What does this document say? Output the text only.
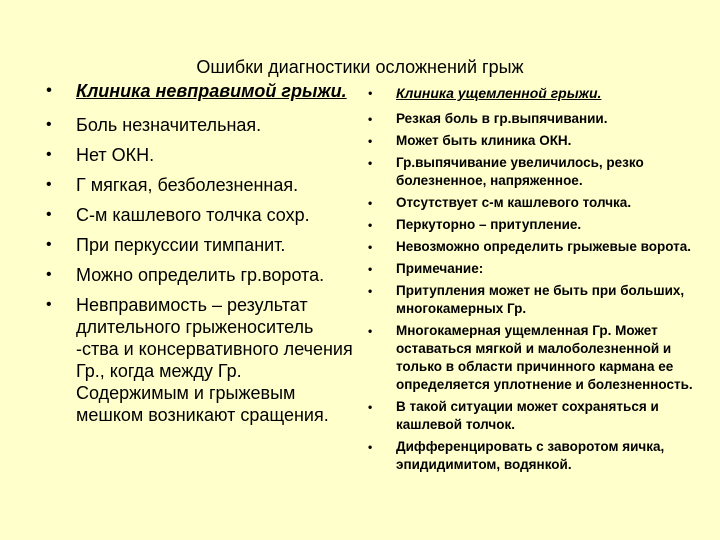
Ошибки диагностики осложнений грыж
• Клиника невправимой грыжи.
• Боль незначительная.
• Нет ОКН.
• Г мягкая, безболезненная.
• С-м кашлевого толчка сохр.
• При перкуссии тимпанит.
• Можно определить гр.ворота.
• Невправимость – результат длительного грыженоситель -ства и консервативного лечения Гр., когда между Гр. Содержимым и грыжевым мешком возникают сращения.
• Клиника ущемленной грыжи.
• Резкая боль в гр.выпячивании.
• Может быть клиника ОКН.
• Гр.выпячивание увеличилось, резко болезненное, напряженное.
• Отсутствует с-м кашлевого толчка.
• Перкуторно – притупление.
• Невозможно определить грыжевые ворота.
• Примечание:
• Притупления может не быть при больших, многокамерных Гр.
• Многокамерная ущемленная Гр. Может оставаться мягкой и малоболезненной и только в области причинного кармана ее определяется уплотнение и болезненность.
• В такой ситуации может сохраняться и кашлевой толчок.
• Дифференцировать с заворотом яичка, эпидидимитом, водянкой.
